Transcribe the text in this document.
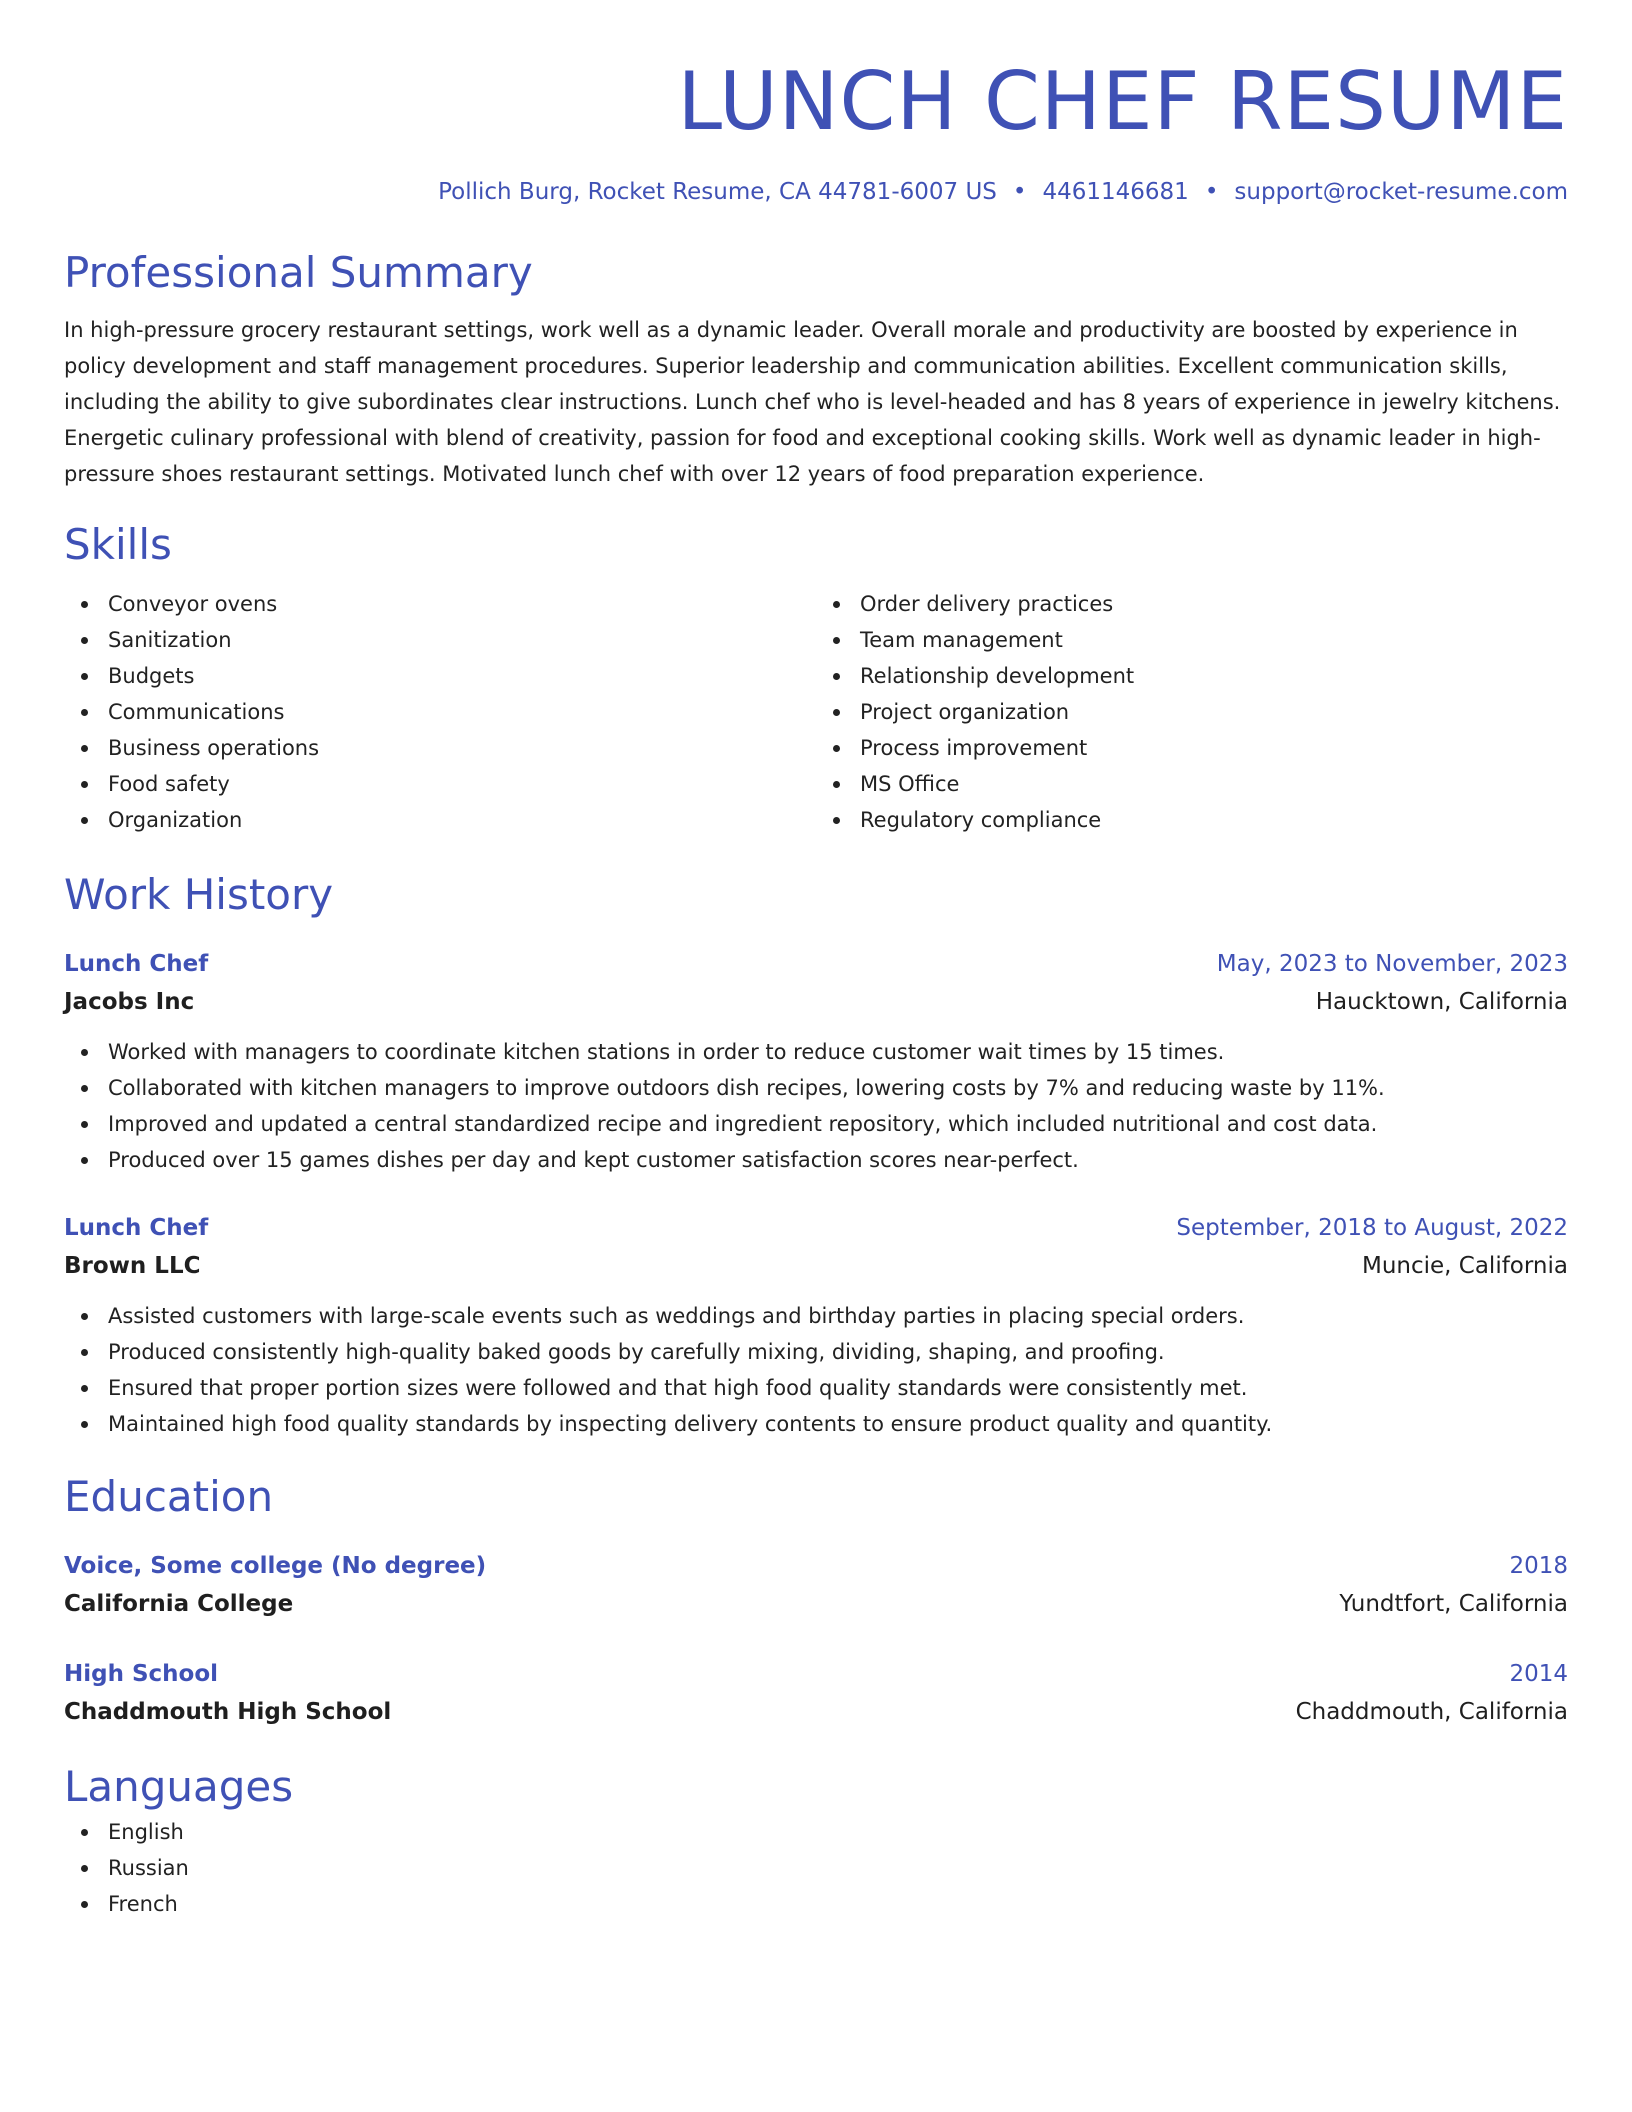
LUNCH CHEF RESUME
Pollich Burg, Rocket Resume, CA 44781-6007 US • 4461146681 • support@rocket-resume.com
Professional Summary
In high-pressure grocery restaurant settings, work well as a dynamic leader. Overall morale and productivity are boosted by experience in policy development and staff management procedures. Superior leadership and communication abilities. Excellent communication skills, including the ability to give subordinates clear instructions. Lunch chef who is level-headed and has 8 years of experience in jewelry kitchens. Energetic culinary professional with blend of creativity, passion for food and exceptional cooking skills. Work well as dynamic leader in high-pressure shoes restaurant settings. Motivated lunch chef with over 12 years of food preparation experience.
Skills
Conveyor ovens
Sanitization
Budgets
Communications
Business operations
Food safety
Organization
Order delivery practices
Team management
Relationship development
Project organization
Process improvement
MS Office
Regulatory compliance
Work History
Lunch Chef	May, 2023 to November, 2023
Jacobs Inc	Haucktown, California
Worked with managers to coordinate kitchen stations in order to reduce customer wait times by 15 times.
Collaborated with kitchen managers to improve outdoors dish recipes, lowering costs by 7% and reducing waste by 11%.
Improved and updated a central standardized recipe and ingredient repository, which included nutritional and cost data.
Produced over 15 games dishes per day and kept customer satisfaction scores near-perfect.
Lunch Chef	September, 2018 to August, 2022
Brown LLC	Muncie, California
Assisted customers with large-scale events such as weddings and birthday parties in placing special orders.
Produced consistently high-quality baked goods by carefully mixing, dividing, shaping, and proofing.
Ensured that proper portion sizes were followed and that high food quality standards were consistently met.
Maintained high food quality standards by inspecting delivery contents to ensure product quality and quantity.
Education
Voice, Some college (No degree)	2018
California College	Yundtfort, California
High School	2014
Chaddmouth High School	Chaddmouth, California
Languages
English
Russian
French
